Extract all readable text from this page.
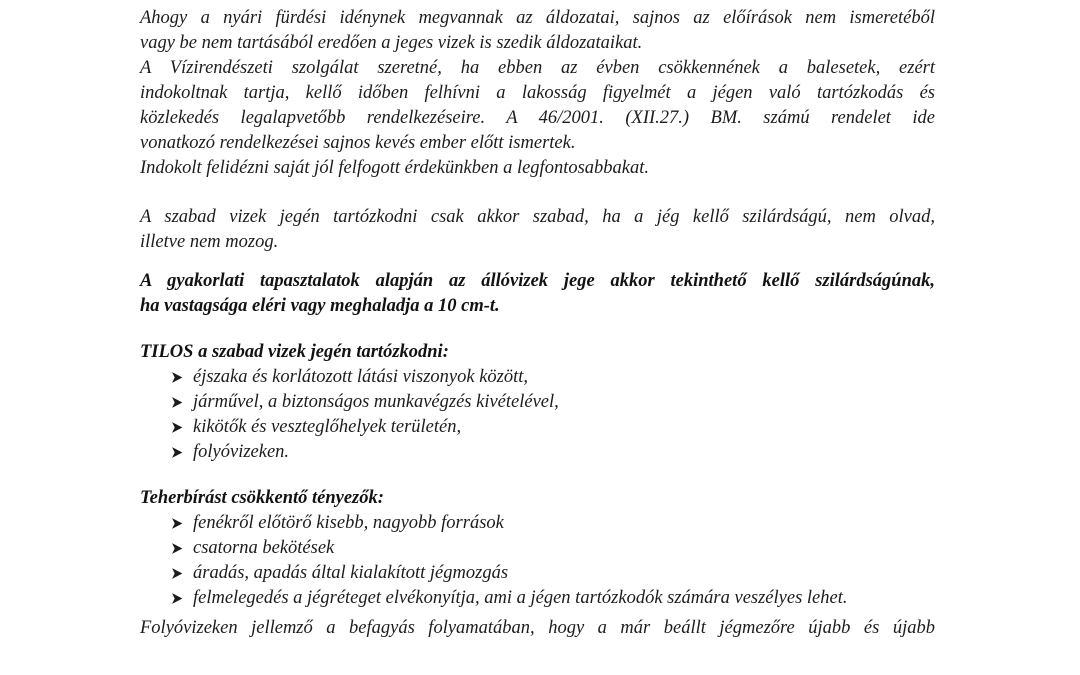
Ahogy a nyári fürdési idénynek megvannak az áldozatai, sajnos az előírások nem ismeretéből
vagy be nem tartásából eredően a jeges vizek is szedik áldozataikat.
A Vízirendészeti szolgálat szeretné, ha ebben az évben csökkennének a balesetek, ezért
indokoltnak tartja, kellő időben felhívni a lakosság figyelmét a jégen való tartózkodás és
közlekedés legalapvetőbb rendelkezéseire. A 46/2001. (XII.27.) BM. számú rendelet ide
vonatkozó rendelkezései sajnos kevés ember előtt ismertek.
Indokolt felidézni saját jól felfogott érdekünkben a legfontosabbakat.
A szabad vizek jegén tartózkodni csak akkor szabad, ha a jég kellő szilárdságú, nem olvad,
illetve nem mozog.
A gyakorlati tapasztalatok alapján az állóvizek jege akkor tekinthető kellő szilárdságúnak,
ha vastagsága eléri vagy meghaladja a 10 cm-t.
TILOS a szabad vizek jegén tartózkodni:
éjszaka és korlátozott látási viszonyok között,
járművel, a biztonságos munkavégzés kivételével,
kikötők és veszteglőhelyek területén,
folyóvizeken.
Teherbírást csökkentő tényezők:
fenékről előtörő kisebb, nagyobb források
csatorna bekötések
áradás, apadás által kialakított jégmozgás
felmelegedés a jégréteget elvékonyítja, ami a jégen tartózkodók számára veszélyes lehet.
Folyóvizeken jellemző a befagyás folyamatában, hogy a már beállt jégmezőre újabb és újabb
